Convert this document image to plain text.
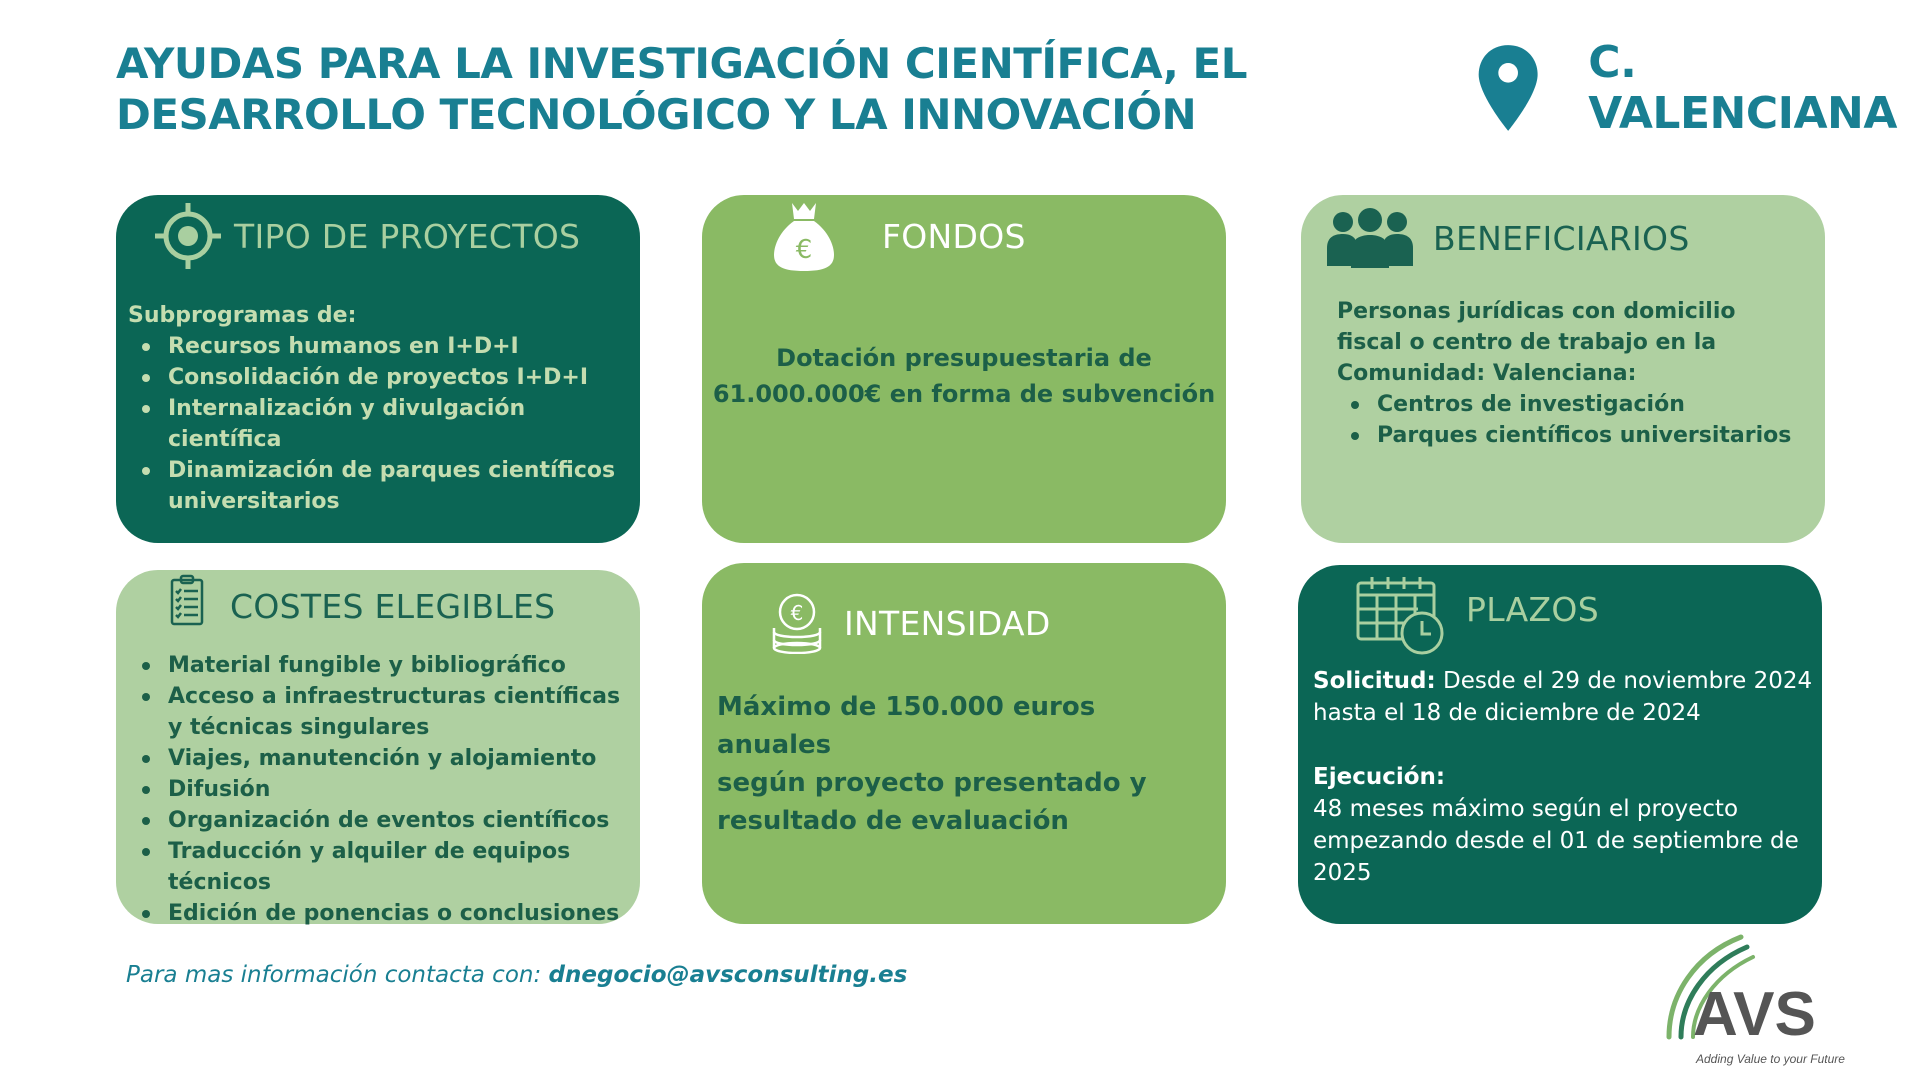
AYUDAS PARA LA INVESTIGACIÓN CIENTÍFICA, EL
DESARROLLO TECNOLÓGICO Y LA INNOVACIÓN
C. VALENCIANA
TIPO DE PROYECTOS
Subprogramas de:
Recursos humanos en I+D+I
Consolidación de proyectos I+D+I
Internalización y divulgación científica
Dinamización de parques científicos universitarios
€ FONDOS
Dotación presupuestaria de
61.000.000€ en forma de subvención
BENEFICIARIOS
Personas jurídicas con domicilio fiscal o centro de trabajo en la Comunidad: Valenciana:
Centros de investigación
Parques científicos universitarios
COSTES ELEGIBLES
Material fungible y bibliográfico
Acceso a infraestructuras científicas y técnicas singulares
Viajes, manutención y alojamiento
Difusión
Organización de eventos científicos
Traducción y alquiler de equipos técnicos
Edición de ponencias o conclusiones
€ INTENSIDAD
Máximo de 150.000 euros anuales
según proyecto presentado y
resultado de evaluación
PLAZOS
Solicitud: Desde el 29 de noviembre 2024 hasta el 18 de diciembre de 2024
Ejecución:
48 meses máximo según el proyecto empezando desde el 01 de septiembre de 2025
Para mas información contacta con: dnegocio@avsconsulting.es
AVS
Adding Value to your Future
